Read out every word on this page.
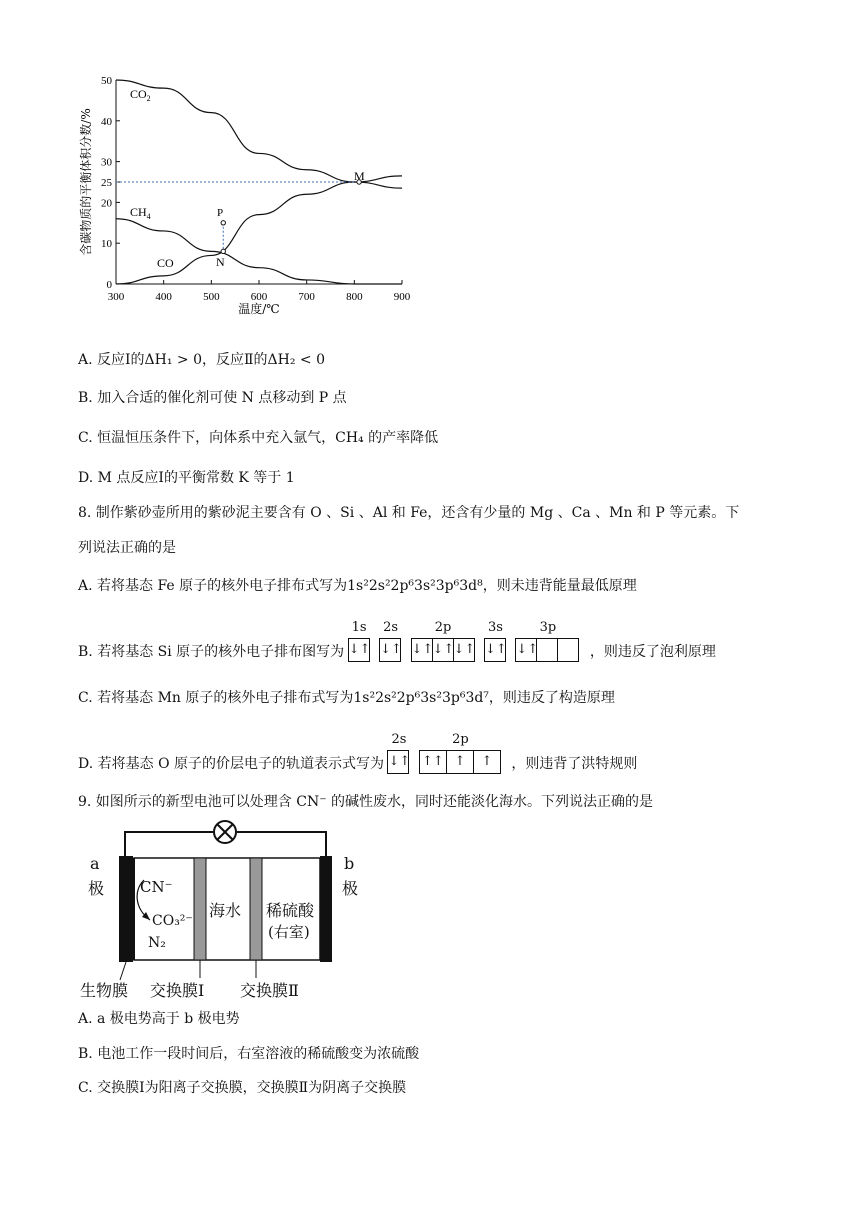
50
40
30
25
20
10
0
300	400	500	600	700	800	900
含碳物质的平衡体积分数/%
温度/℃
$CO_2$
$CH_4$
CO
P
N
M
A. 反应Ⅰ的ΔH₁ > 0，反应Ⅱ的ΔH₂ < 0
B. 加入合适的催化剂可使 N 点移动到 P 点
C. 恒温恒压条件下，向体系中充入氩气，CH₄ 的产率降低
D. M 点反应Ⅰ的平衡常数 K 等于 1
8. 制作紫砂壶所用的紫砂泥主要含有 O 、Si 、Al 和 Fe，还含有少量的 Mg 、Ca 、Mn 和 P 等元素。下
列说法正确的是
A. 若将基态 Fe 原子的核外电子排布式写为1s²2s²2p⁶3s²3p⁶3d⁸，则未违背能量最低原理
B. 若将基态 Si 原子的核外电子排布图写为
1s
↓↑
2s
↓↑
2p
↓↑↓↑↓↑
3s
↓↑
3p
↓↑	，则违反了泡利原理
C. 若将基态 Mn 原子的核外电子排布式写为1s²2s²2p⁶3s²3p⁶3d⁷，则违反了构造原理
D. 若将基态 O 原子的价层电子的轨道表示式写为
2s
↓↑
2p
↑↑ ↑ ↑ ，则违背了洪特规则
9. 如图所示的新型电池可以处理含 CN⁻ 的碱性废水，同时还能淡化海水。下列说法正确的是
a
极
b
极
CN⁻
CO₃²⁻
N₂
海水 稀硫酸
(右室)
生物膜 交换膜Ⅰ 交换膜Ⅱ
A. a 极电势高于 b 极电势
B. 电池工作一段时间后，右室溶液的稀硫酸变为浓硫酸
C. 交换膜Ⅰ为阳离子交换膜，交换膜Ⅱ为阴离子交换膜
